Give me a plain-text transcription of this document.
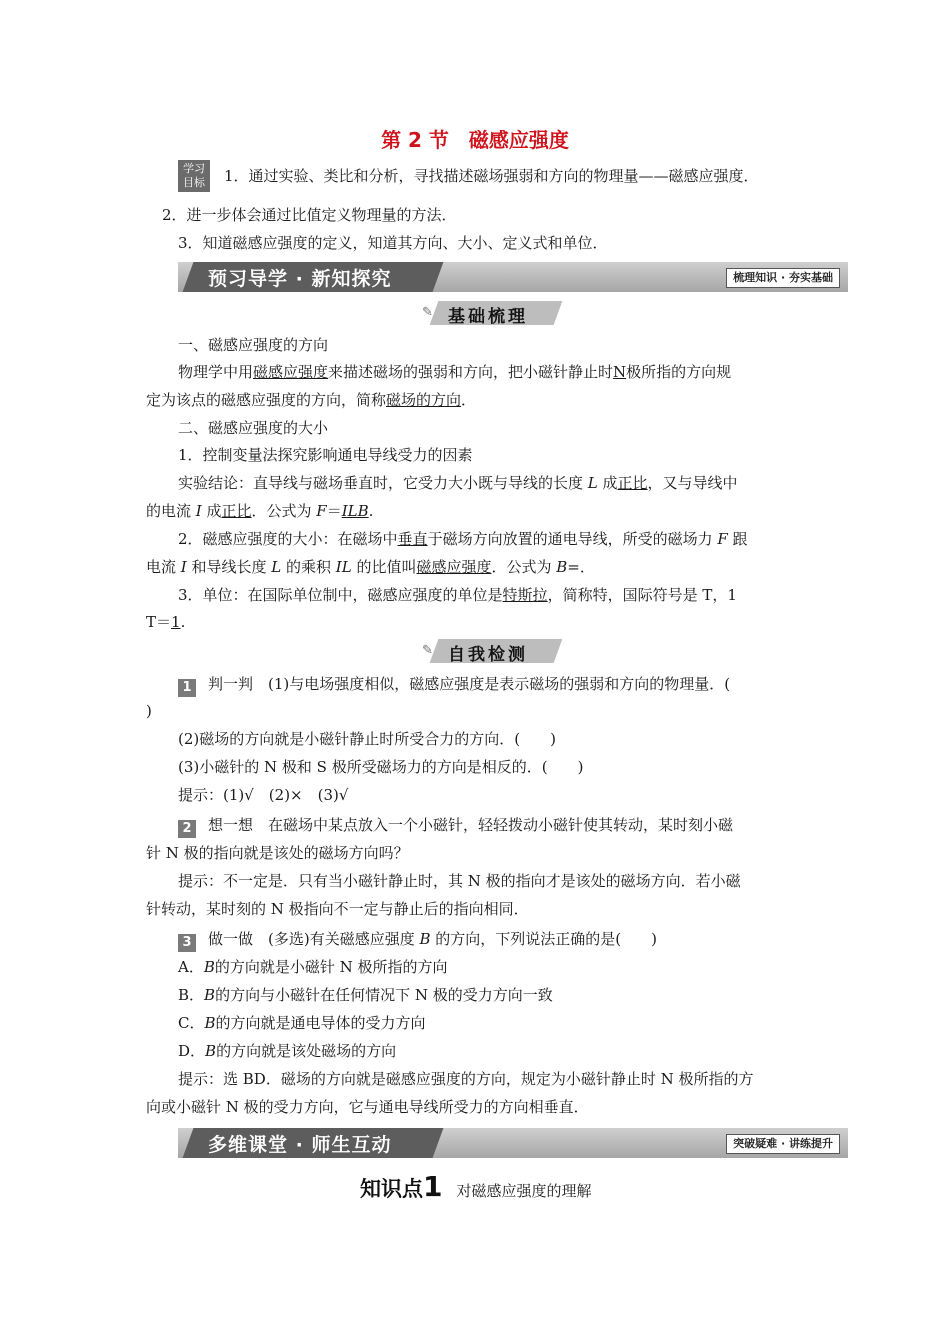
第 2 节　磁感应强度
学习
目标 1．通过实验、类比和分析，寻找描述磁场强弱和方向的物理量——磁感应强度．
2．进一步体会通过比值定义物理量的方法．
3．知道磁感应强度的定义，知道其方向、大小、定义式和单位．
预习导学 · 新知探究	梳理知识 · 夯实基础
✎ 基础梳理
一、磁感应强度的方向
物理学中用磁感应强度来描述磁场的强弱和方向，把小磁针静止时N极所指的方向规
定为该点的磁感应强度的方向，简称磁场的方向．
二、磁感应强度的大小
1．控制变量法探究影响通电导线受力的因素
实验结论：直导线与磁场垂直时，它受力大小既与导线的长度 L 成正比，又与导线中
的电流 I 成正比．公式为 F＝ILB.
2．磁感应强度的大小：在磁场中垂直于磁场方向放置的通电导线，所受的磁场力 F 跟
电流 I 和导线长度 L 的乘积 IL 的比值叫磁感应强度．公式为 B=．
3．单位：在国际单位制中，磁感应强度的单位是特斯拉，简称特，国际符号是 T，1
T＝1.
✎ 自我检测
1 判一判　(1)与电场强度相似，磁感应强度是表示磁场的强弱和方向的物理量．(
)
(2)磁场的方向就是小磁针静止时所受合力的方向．(　　)
(3)小磁针的 N 极和 S 极所受磁场力的方向是相反的．(　　)
提示：(1)√　(2)×　(3)√
2 想一想　在磁场中某点放入一个小磁针，轻轻拨动小磁针使其转动，某时刻小磁
针 N 极的指向就是该处的磁场方向吗？
提示：不一定是．只有当小磁针静止时，其 N 极的指向才是该处的磁场方向．若小磁
针转动，某时刻的 N 极指向不一定与静止后的指向相同．
3 做一做　(多选)有关磁感应强度 B 的方向，下列说法正确的是(　　)
A．B的方向就是小磁针 N 极所指的方向
B．B的方向与小磁针在任何情况下 N 极的受力方向一致
C．B的方向就是通电导体的受力方向
D．B的方向就是该处磁场的方向
提示：选 BD．磁场的方向就是磁感应强度的方向，规定为小磁针静止时 N 极所指的方
向或小磁针 N 极的受力方向，它与通电导线所受力的方向相垂直．
多维课堂 · 师生互动	突破疑难 · 讲练提升
知识点1 对磁感应强度的理解
